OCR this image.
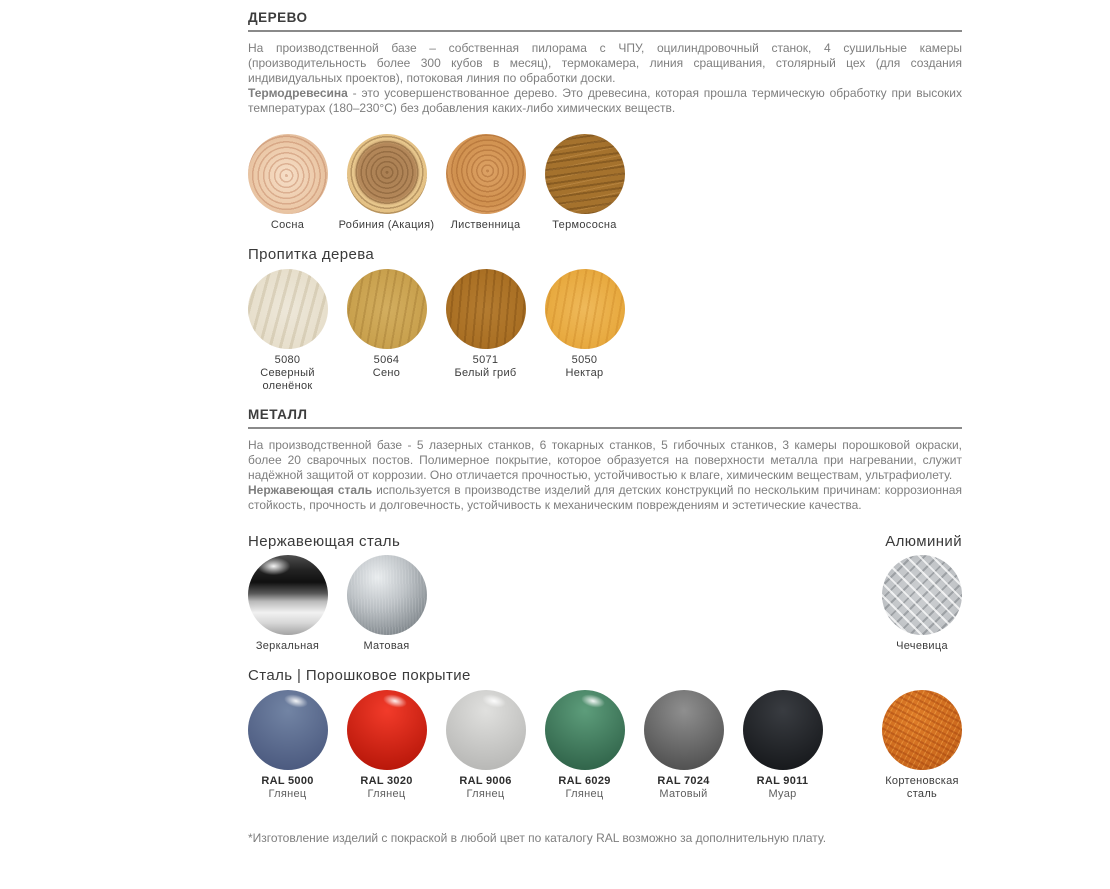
ДЕРЕВО

На производственной базе – собственная пилорама с ЧПУ, оцилиндровочный станок, 4 сушильные камеры (производительность более 300 кубов в месяц), термокамера, линия сращивания, столярный цех (для создания индивидуальных проектов), потоковая линия по обработки доски.

Термодревесина - это усовершенствованное дерево. Это древесина, которая прошла термическую обработку при высоких температурах (180–230°C) без добавления каких-либо химических веществ.

Сосна	Робиния (Акация) Лиственница	Термососна
Пропитка дерева
5080
Северный оленёнок
5064
Сено
5071
Белый гриб
5050
Нектар
МЕТАЛЛ

На производственной базе - 5 лазерных станков, 6 токарных станков, 5 гибочных станков, 3 камеры порошковой окраски, более 20 сварочных постов. Полимерное покрытие, которое образуется на поверхности металла при нагревании, служит надёжной защитой от коррозии. Оно отличается прочностью, устойчивостью к влаге, химическим веществам, ультрафиолету.

Нержавеющая сталь используется в производстве изделий для детских конструкций по нескольким причинам: коррозионная стойкость, прочность и долговечность, устойчивость к механическим повреждениям и эстетические качества.

Нержавеющая сталь	Алюминий
Зеркальная	Матовая	Чечевица
Сталь | Порошковое покрытие
RAL 5000
Глянец
RAL 3020
Глянец
RAL 9006
Глянец
RAL 6029
Глянец
RAL 7024
Матовый
RAL 9011
Муар
Кортеновская сталь
*Изготовление изделий с покраской в любой цвет по каталогу RAL возможно за дополнительную плату.
